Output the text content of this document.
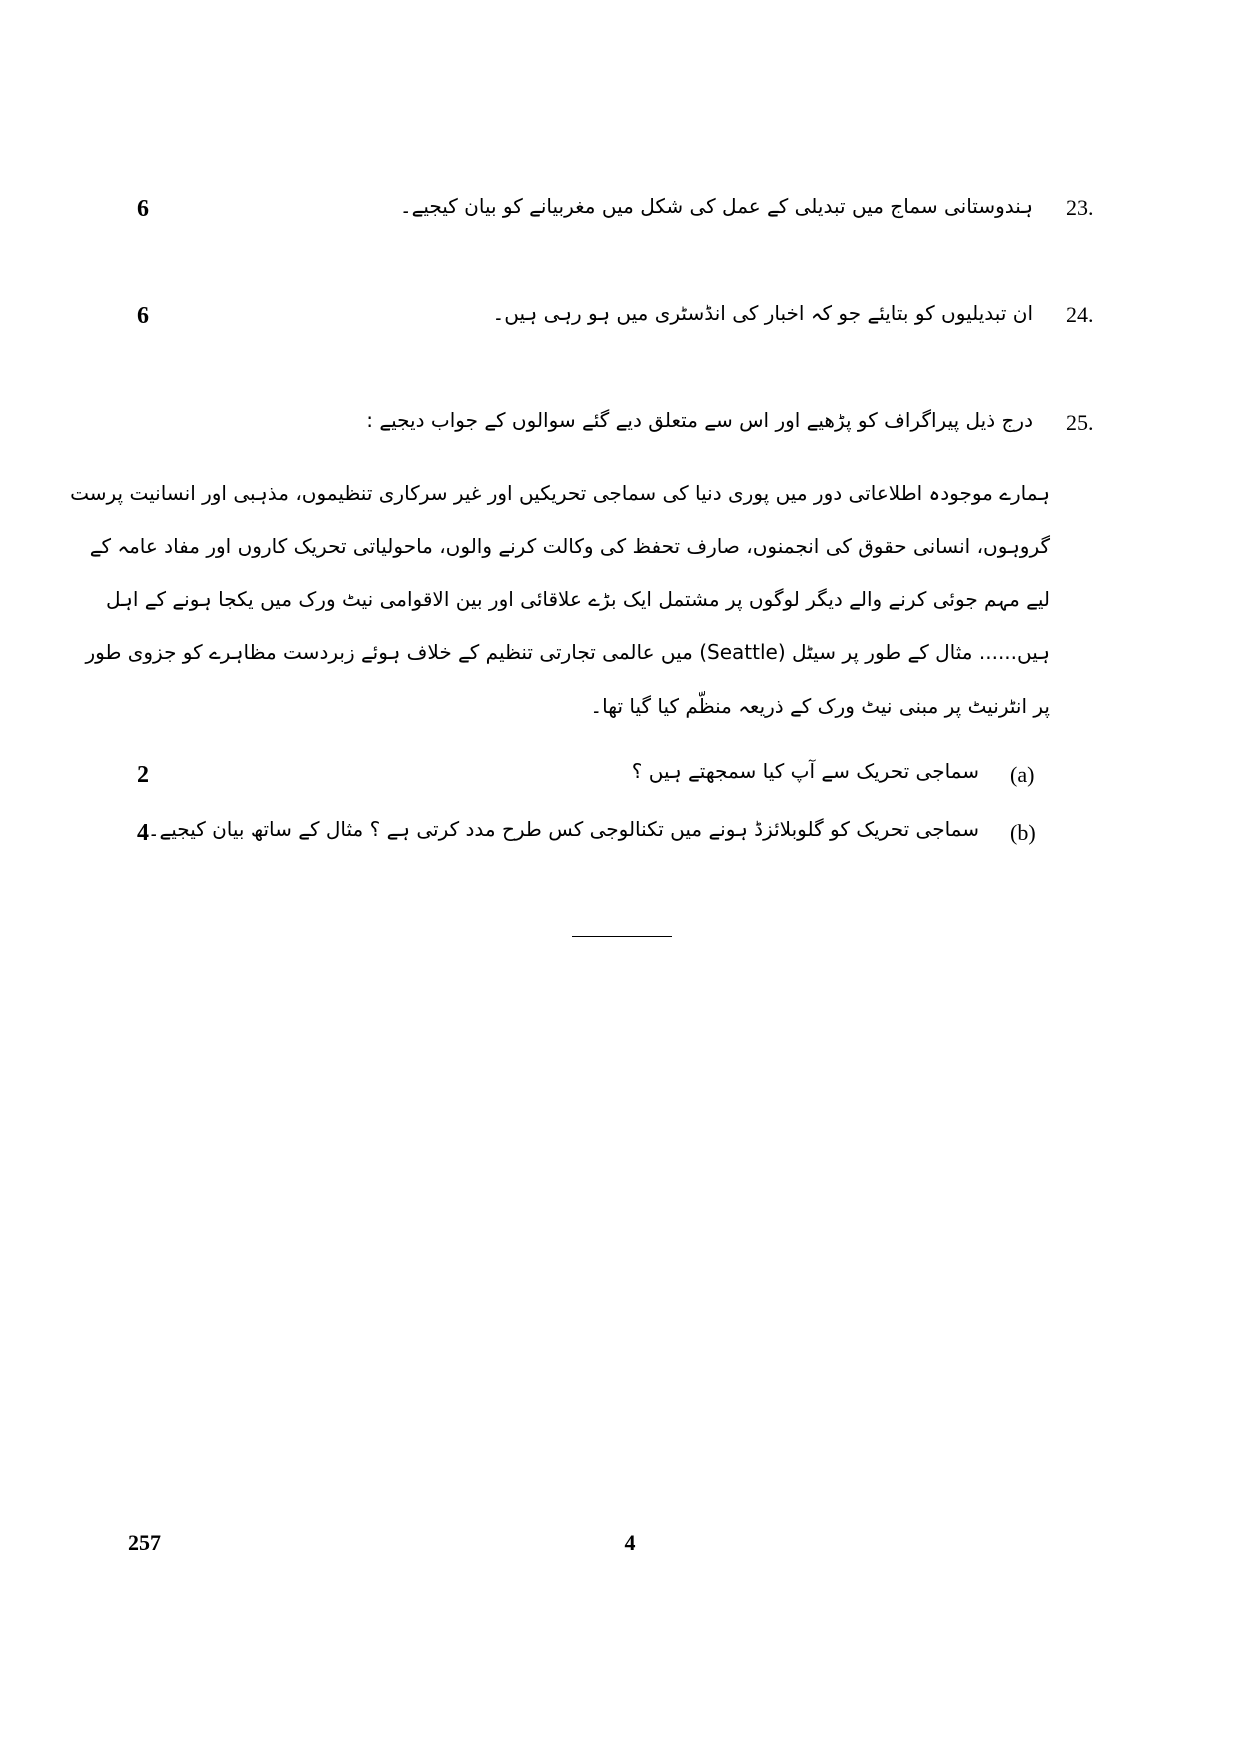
23.
ہندوستانی سماج میں تبدیلی کے عمل کی شکل میں مغربیانے کو بیان کیجیے۔
6
24.
ان تبدیلیوں کو بتایئے جو کہ اخبار کی انڈسٹری میں ہو رہی ہیں۔
6
25.
درج ذیل پیراگراف کو پڑھیے اور اس سے متعلق دیے گئے سوالوں کے جواب دیجیے :
ہمارے موجودہ اطلاعاتی دور میں پوری دنیا کی سماجی تحریکیں اور غیر سرکاری تنظیموں، مذہبی اور انسانیت پرست
گروہوں، انسانی حقوق کی انجمنوں، صارف تحفظ کی وکالت کرنے والوں، ماحولیاتی تحریک کاروں اور مفاد عامہ کے
لیے مہم جوئی کرنے والے دیگر لوگوں پر مشتمل ایک بڑے علاقائی اور بین الاقوامی نیٹ ورک میں یکجا ہونے کے اہل
ہیں...... مثال کے طور پر سیٹل (Seattle) میں عالمی تجارتی تنظیم کے خلاف ہوئے زبردست مظاہرے کو جزوی طور
پر انٹرنیٹ پر مبنی نیٹ ورک کے ذریعہ منظّم کیا گیا تھا۔
(a)
سماجی تحریک سے آپ کیا سمجھتے ہیں ؟
2
(b)
سماجی تحریک کو گلوبلائزڈ ہونے میں تکنالوجی کس طرح مدد کرتی ہے ؟ مثال کے ساتھ بیان کیجیے۔
4
257	4
